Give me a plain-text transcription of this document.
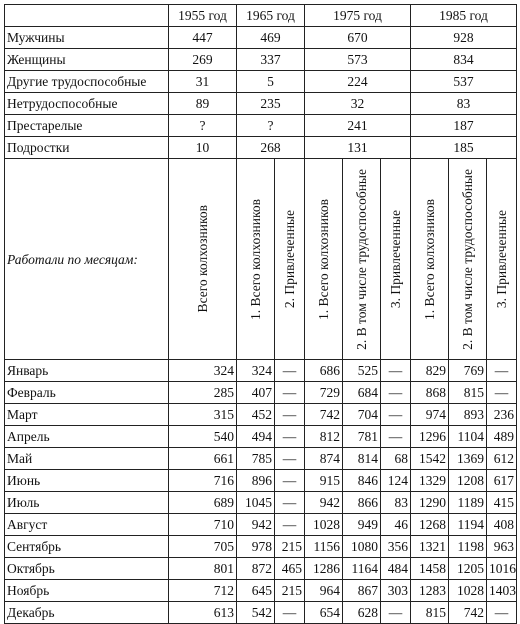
	1955 год	1965 год		1975 год			1985 год		
Мужчины	447	469		670			928		
Женщины	269	337		573			834		
Другие трудоспособные	31	5		224			537		
Нетрудоспособные	89	235		32			83		
Престарелые	?	?		241			187		
Подростки	10	268		131			185		
Работали по месяцам:	Всего колхозников	1. Всего колхозников	2. Привлеченные	1. Всего колхозников	2. В том числе трудоспособные	3. Привлеченные	1. Всего колхозников	2. В том числе трудоспособные	3. Привлеченные

Январь	324	324	—	686	525	—	829	769	—
Февраль	285	407	—	729	684	—	868	815	—
Март	315	452	—	742	704	—	974	893	236
Апрель	540	494	—	812	781	—	1296	1104	489
Май	661	785	—	874	814	68	1542	1369	612
Июнь	716	896	—	915	846	124	1329	1208	617
Июль	689	1045	—	942	866	83	1290	1189	415
Август	710	942	—	1028	949	46	1268	1194	408
Сентябрь	705	978	215	1156	1080	356	1321	1198	963
Октябрь	801	872	465	1286	1164	484	1458	1205	1016
Ноябрь	712	645	215	964	867	303	1283	1028	1403
Декабрь	613	542	—	654	628	—	815	742	—
